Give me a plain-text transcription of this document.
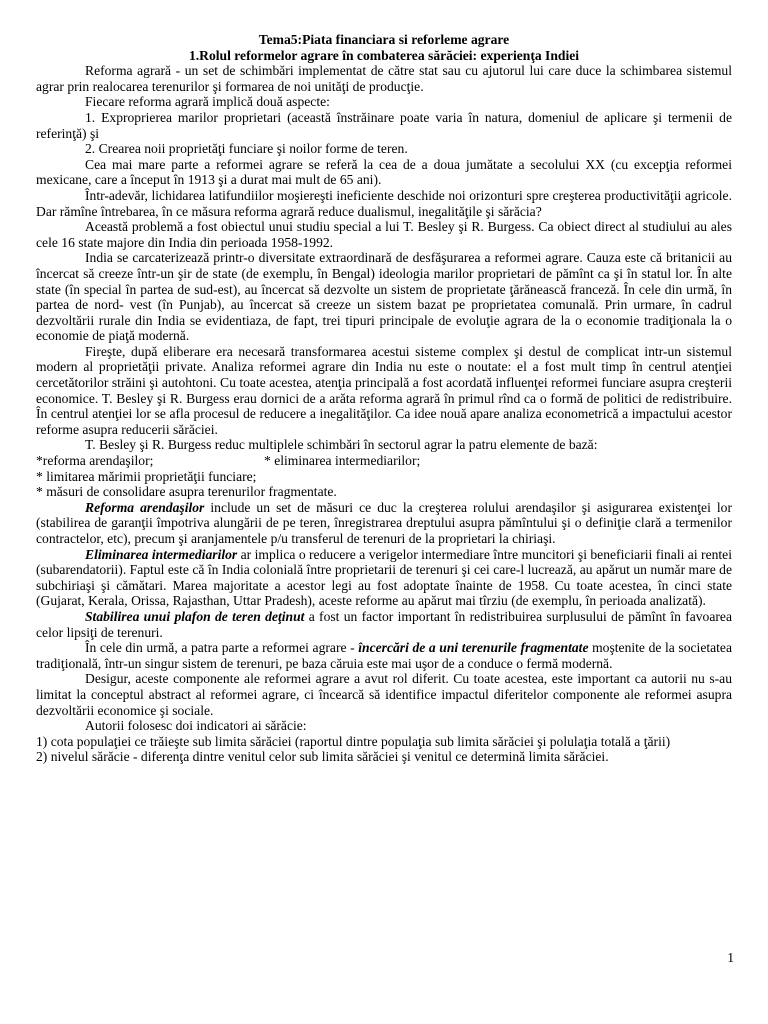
Tema5:Piata financiara si reforleme agrare

1.Rolul reformelor agrare în combaterea sărăciei: experienţa Indiei

Reforma agrară - un set de schimbări implementat de către stat sau cu ajutorul lui care duce la schimbarea sistemul agrar prin realocarea terenurilor şi formarea de noi unităţi de producţie.

Fiecare reforma agrară implică două aspecte:

1. Exproprierea marilor proprietari (această înstrăinare poate varia în natura, domeniul de aplicare şi termenii de referinţă) şi

2. Crearea noii proprietăţi funciare şi noilor forme de teren.

Cea mai mare parte a reformei agrare se referă la cea de a doua jumătate a secolului XX (cu excepţia reformei mexicane, care a început în 1913 şi a durat mai mult de 65 ani).

Într-adevăr, lichidarea latifundiilor moşiereşti ineficiente deschide noi orizonturi spre creşterea productivităţii agricole. Dar rămîne întrebarea, în ce măsura reforma agrară reduce dualismul, inegalităţile şi sărăcia?

Această problemă a fost obiectul unui studiu special a lui T. Besley şi R. Burgess. Ca obiect direct al studiului au ales cele 16 state majore din India din perioada 1958-1992.

India se carcaterizează printr-o diversitate extraordinară de desfăşurarea a reformei agrare. Cauza este că britanicii au încercat să creeze într-un şir de state (de exemplu, în Bengal) ideologia marilor proprietari de pămînt ca şi în statul lor. În alte state (în special în partea de sud-est), au încercat să dezvolte un sistem de proprietate ţărănească franceză. În cele din urmă, în partea de nord- vest (în Punjab), au încercat să creeze un sistem bazat pe proprietatea comunală. Prin urmare, în cadrul dezvoltării rurale din India se evidentiaza, de fapt, trei tipuri principale de evoluţie agrara de la o economie tradiţionala la o economie de piaţă modernă.

Fireşte, după eliberare era necesară transformarea acestui sisteme complex şi destul de complicat intr-un sistemul modern al proprietăţii private. Analiza reformei agrare din India nu este o noutate: el a fost mult timp în centrul atenţiei cercetătorilor străini şi autohtoni. Cu toate acestea, atenţia principală a fost acordată influenţei reformei funciare asupra creşterii economice. T. Besley şi R. Burgess erau dornici de a arăta reforma agrară în primul rînd ca o formă de politici de redistribuire. În centrul atenţiei lor se afla procesul de reducere a inegalităţilor. Ca idee nouă apare analiza econometrică a impactului acestor reforme asupra reducerii sărăciei.

T. Besley şi R. Burgess reduc multiplele schimbări în sectorul agrar la patru elemente de bază:

*reforma arendaşilor;	* eliminarea intermediarilor;

* limitarea mărimii proprietăţii funciare;

* măsuri de consolidare asupra terenurilor fragmentate.

Reforma arendaşilor include un set de măsuri ce duc la creşterea rolului arendaşilor şi asigurarea existenţei lor (stabilirea de garanţii împotriva alungării de pe teren, înregistrarea dreptului asupra pămîntului şi o definiţie clară a termenilor contractelor, etc), precum şi aranjamentele p/u transferul de terenuri de la proprietari la chiriaşi.

Eliminarea intermediarilor ar implica o reducere a verigelor intermediare între muncitori şi beneficiarii finali ai rentei (subarendatorii). Faptul este că în India colonială între proprietarii de terenuri şi cei care-l lucrează, au apărut un număr mare de subchiriaşi şi cămătari. Marea majoritate a acestor legi au fost adoptate înainte de 1958. Cu toate acestea, în cinci state (Gujarat, Kerala, Orissa, Rajasthan, Uttar Pradesh), aceste reforme au apărut mai tîrziu (de exemplu, în perioada analizată).

Stabilirea unui plafon de teren deţinut a fost un factor important în redistribuirea surplusului de pămînt în favoarea celor lipsiţi de terenuri.

În cele din urmă, a patra parte a reformei agrare - încercări de a uni terenurile fragmentate moştenite de la societatea tradiţională, într-un singur sistem de terenuri, pe baza căruia este mai uşor de a conduce o fermă modernă.

Desigur, aceste componente ale reformei agrare a avut rol diferit. Cu toate acestea, este important ca autorii nu s-au limitat la conceptul abstract al reformei agrare, ci încearcă să identifice impactul diferitelor componente ale reformei asupra dezvoltării economice şi sociale.

Autorii folosesc doi indicatori ai sărăcie:

1) cota populaţiei ce trăieşte sub limita sărăciei (raportul dintre populaţia sub limita sărăciei şi polulaţia totală a ţării)

2) nivelul sărăcie - diferenţa dintre venitul celor sub limita sărăciei şi venitul ce determină limita sărăciei.

1
